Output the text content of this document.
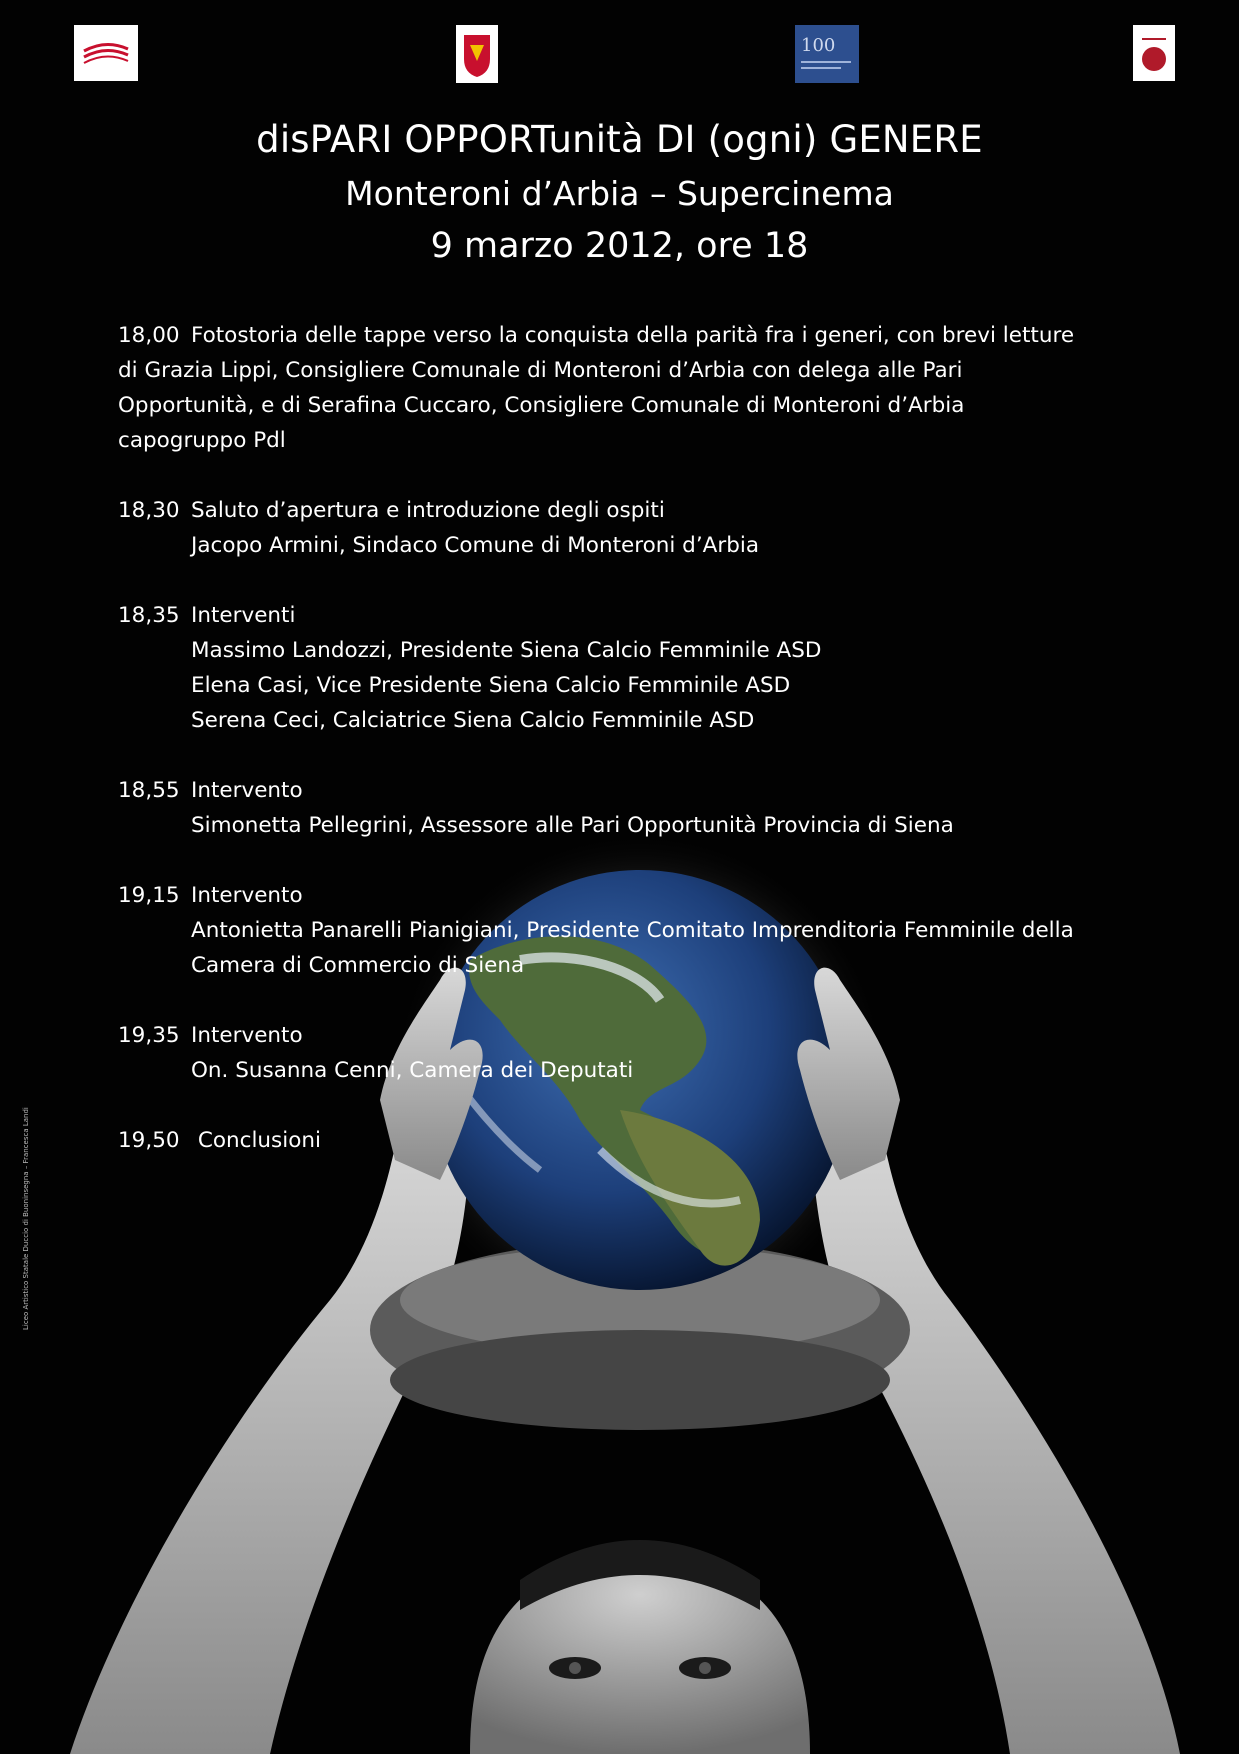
100
disPARI OPPORTunità DI (ogni) GENERE
Monteroni d’Arbia – Supercinema
9 marzo 2012, ore 18
18,00 Fotostoria delle tappe verso la conquista della parità fra i generi, con brevi letture
di Grazia Lippi, Consigliere Comunale di Monteroni d’Arbia con delega alle Pari
Opportunità, e di Serafina Cuccaro, Consigliere Comunale di Monteroni d’Arbia
capogruppo Pdl
18,30 Saluto d’apertura e introduzione degli ospiti
Jacopo Armini, Sindaco Comune di Monteroni d’Arbia
18,35 Interventi
Massimo Landozzi, Presidente Siena Calcio Femminile ASD
Elena Casi, Vice Presidente Siena Calcio Femminile ASD
Serena Ceci, Calciatrice Siena Calcio Femminile ASD
18,55 Intervento
Simonetta Pellegrini, Assessore alle Pari Opportunità Provincia di Siena
19,15 Intervento
Antonietta Panarelli Pianigiani, Presidente Comitato Imprenditoria Femminile della
Camera di Commercio di Siena
19,35 Intervento
On. Susanna Cenni, Camera dei Deputati
19,50 Conclusioni
Liceo Artistico Statale Duccio di Buoninsegna – Francesca Landi
